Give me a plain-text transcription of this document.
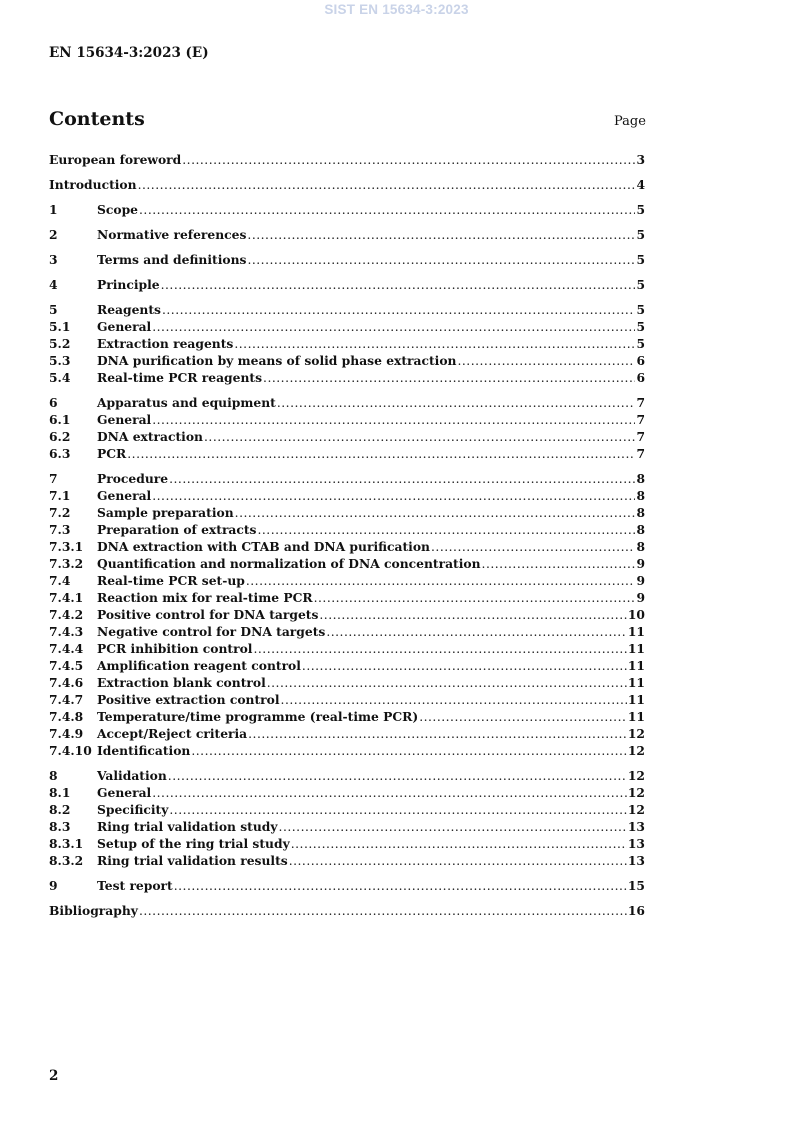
SIST EN 15634-3:2023
EN 15634-3:2023 (E)
Contents	Page
European foreword .....	3
Introduction .....	4
1	Scope .....	5
2	Normative references .....	5
3	Terms and definitions .....	5
4	Principle .....	5
5	Reagents .....	5
5.1	General .....	5
5.2	Extraction reagents .....	5
5.3	DNA purification by means of solid phase extraction .....	6
5.4	Real-time PCR reagents .....	6
6	Apparatus and equipment .....	7
6.1	General .....	7
6.2	DNA extraction .....	7
6.3	PCR .....	7
7	Procedure .....	8
7.1	General .....	8
7.2	Sample preparation .....	8
7.3	Preparation of extracts .....	8
7.3.1	DNA extraction with CTAB and DNA purification .....	8
7.3.2	Quantification and normalization of DNA concentration .....	9
7.4	Real-time PCR set-up .....	9
7.4.1	Reaction mix for real-time PCR .....	9
7.4.2	Positive control for DNA targets .....	10
7.4.3	Negative control for DNA targets .....	11
7.4.4	PCR inhibition control .....	11
7.4.5	Amplification reagent control .....	11
7.4.6	Extraction blank control .....	11
7.4.7	Positive extraction control .....	11
7.4.8	Temperature/time programme (real-time PCR) .....	11
7.4.9	Accept/Reject criteria .....	12
7.4.10 Identification .....	12
8	Validation .....	12
8.1	General .....	12
8.2	Specificity .....	12
8.3	Ring trial validation study .....	13
8.3.1	Setup of the ring trial study .....	13
8.3.2	Ring trial validation results .....	13
9	Test report .....	15
Bibliography .....	16
2
